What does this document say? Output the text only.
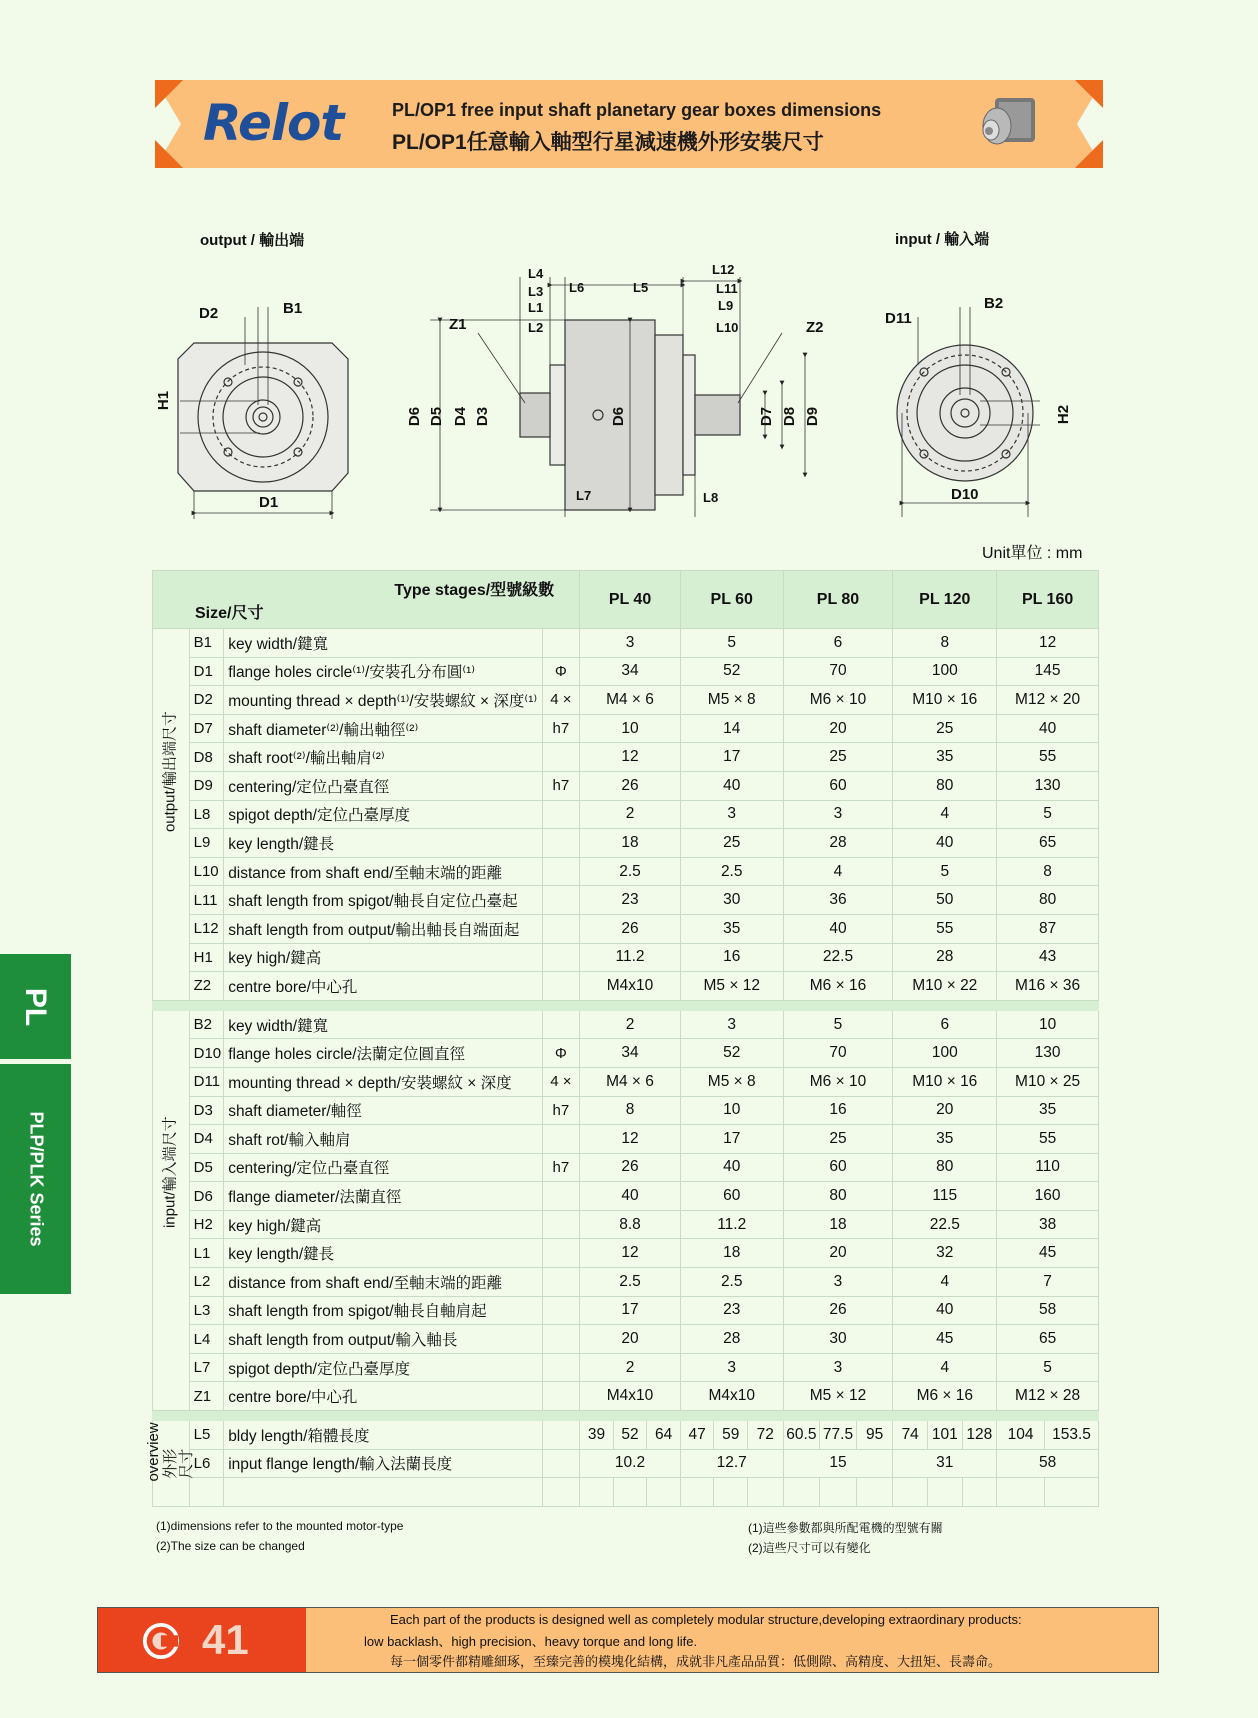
Relot	PL/OP1 free input shaft planetary gear boxes dimensions
PL/OP1任意輸入軸型行星減速機外形安裝尺寸
output / 輸出端	input / 輸入端
B1
D2
H1
D1
L4
L3
L1
L2
L6	L5
L12
L11
L9
L10
Z1	Z2
D6 D5 D4 D3	D6	D7 D8 D9
L7	L8
D11
B2
H2
D10
Unit單位 : mm
Type stages/型號級數
Size/尺寸				PL 40			PL 60			PL 80			PL 120			PL 160	

output/輸出端尺寸	B1	key width/鍵寬		3			5			6			8			12	
	D1	flange holes circle⁽¹⁾/安裝孔分布圓⁽¹⁾	Φ	34			52			70			100			145	
	D2	mounting thread × depth⁽¹⁾/安裝螺紋 × 深度⁽¹⁾	4 ×	M4 × 6			M5 × 8			M6 × 10			M10 × 16			M12 × 20	
	D7	shaft diameter⁽²⁾/輸出軸徑⁽²⁾	h7	10			14			20			25			40	
	D8	shaft root⁽²⁾/輸出軸肩⁽²⁾		12			17			25			35			55	
	D9	centering/定位凸臺直徑	h7	26			40			60			80			130	
	L8	spigot depth/定位凸臺厚度		2			3			3			4			5	
	L9	key length/鍵長		18			25			28			40			65	
	L10	distance from shaft end/至軸末端的距離		2.5			2.5			4			5			8	
	L11	shaft length from spigot/軸長自定位凸臺起		23			30			36			50			80	
	L12	shaft length from output/輸出軸長自端面起		26			35			40			55			87	
	H1	key high/鍵高		11.2			16			22.5			28			43	
	Z2	centre bore/中心孔		M4x10			M5 × 12			M6 × 16			M10 × 22			M16 × 36	

input/輸入端尺寸	B2	key width/鍵寬		2			3			5			6			10	
	D10	flange holes circle/法蘭定位圓直徑	Φ	34			52			70			100			130	
	D11	mounting thread × depth/安裝螺紋 × 深度	4 ×	M4 × 6			M5 × 8			M6 × 10			M10 × 16			M10 × 25	
	D3	shaft diameter/軸徑	h7	8			10			16			20			35	
	D4	shaft rot/輸入軸肩		12			17			25			35			55	
	D5	centering/定位凸臺直徑	h7	26			40			60			80			110	
	D6	flange diameter/法蘭直徑		40			60			80			115			160	
	H2	key high/鍵高		8.8			11.2			18			22.5			38	
	L1	key length/鍵長		12			18			20			32			45	
	L2	distance from shaft end/至軸末端的距離		2.5			2.5			3			4			7	
	L3	shaft length from spigot/軸長自軸肩起		17			23			26			40			58	
	L4	shaft length from output/輸入軸長		20			28			30			45			65	
	L7	spigot depth/定位凸臺厚度		2			3			3			4			5	
	Z1	centre bore/中心孔		M4x10			M4x10			M5 × 12			M6 × 16			M12 × 28	

overview
外形尺寸	L5	bldy length/箱體長度		39	52	64	47	59	72	60.5	77.5	95	74	101	128	104	153.5
	L6	input flange length/輸入法蘭長度		10.2			12.7			15			31			58	

(1)dimensions refer to the mounted motor-type
(2)The size can be changed
(1)這些參數都與所配電機的型號有關
(2)這些尺寸可以有變化
PL
PLP/PLK Series
41	Each part of the products is designed well as completely modular structure,developing extraordinary products:
low backlash、high precision、heavy torque and long life.
每一個零件都精雕細琢，至臻完善的模塊化結構，成就非凡產品品質：低側隙、高精度、大扭矩、長壽命。
